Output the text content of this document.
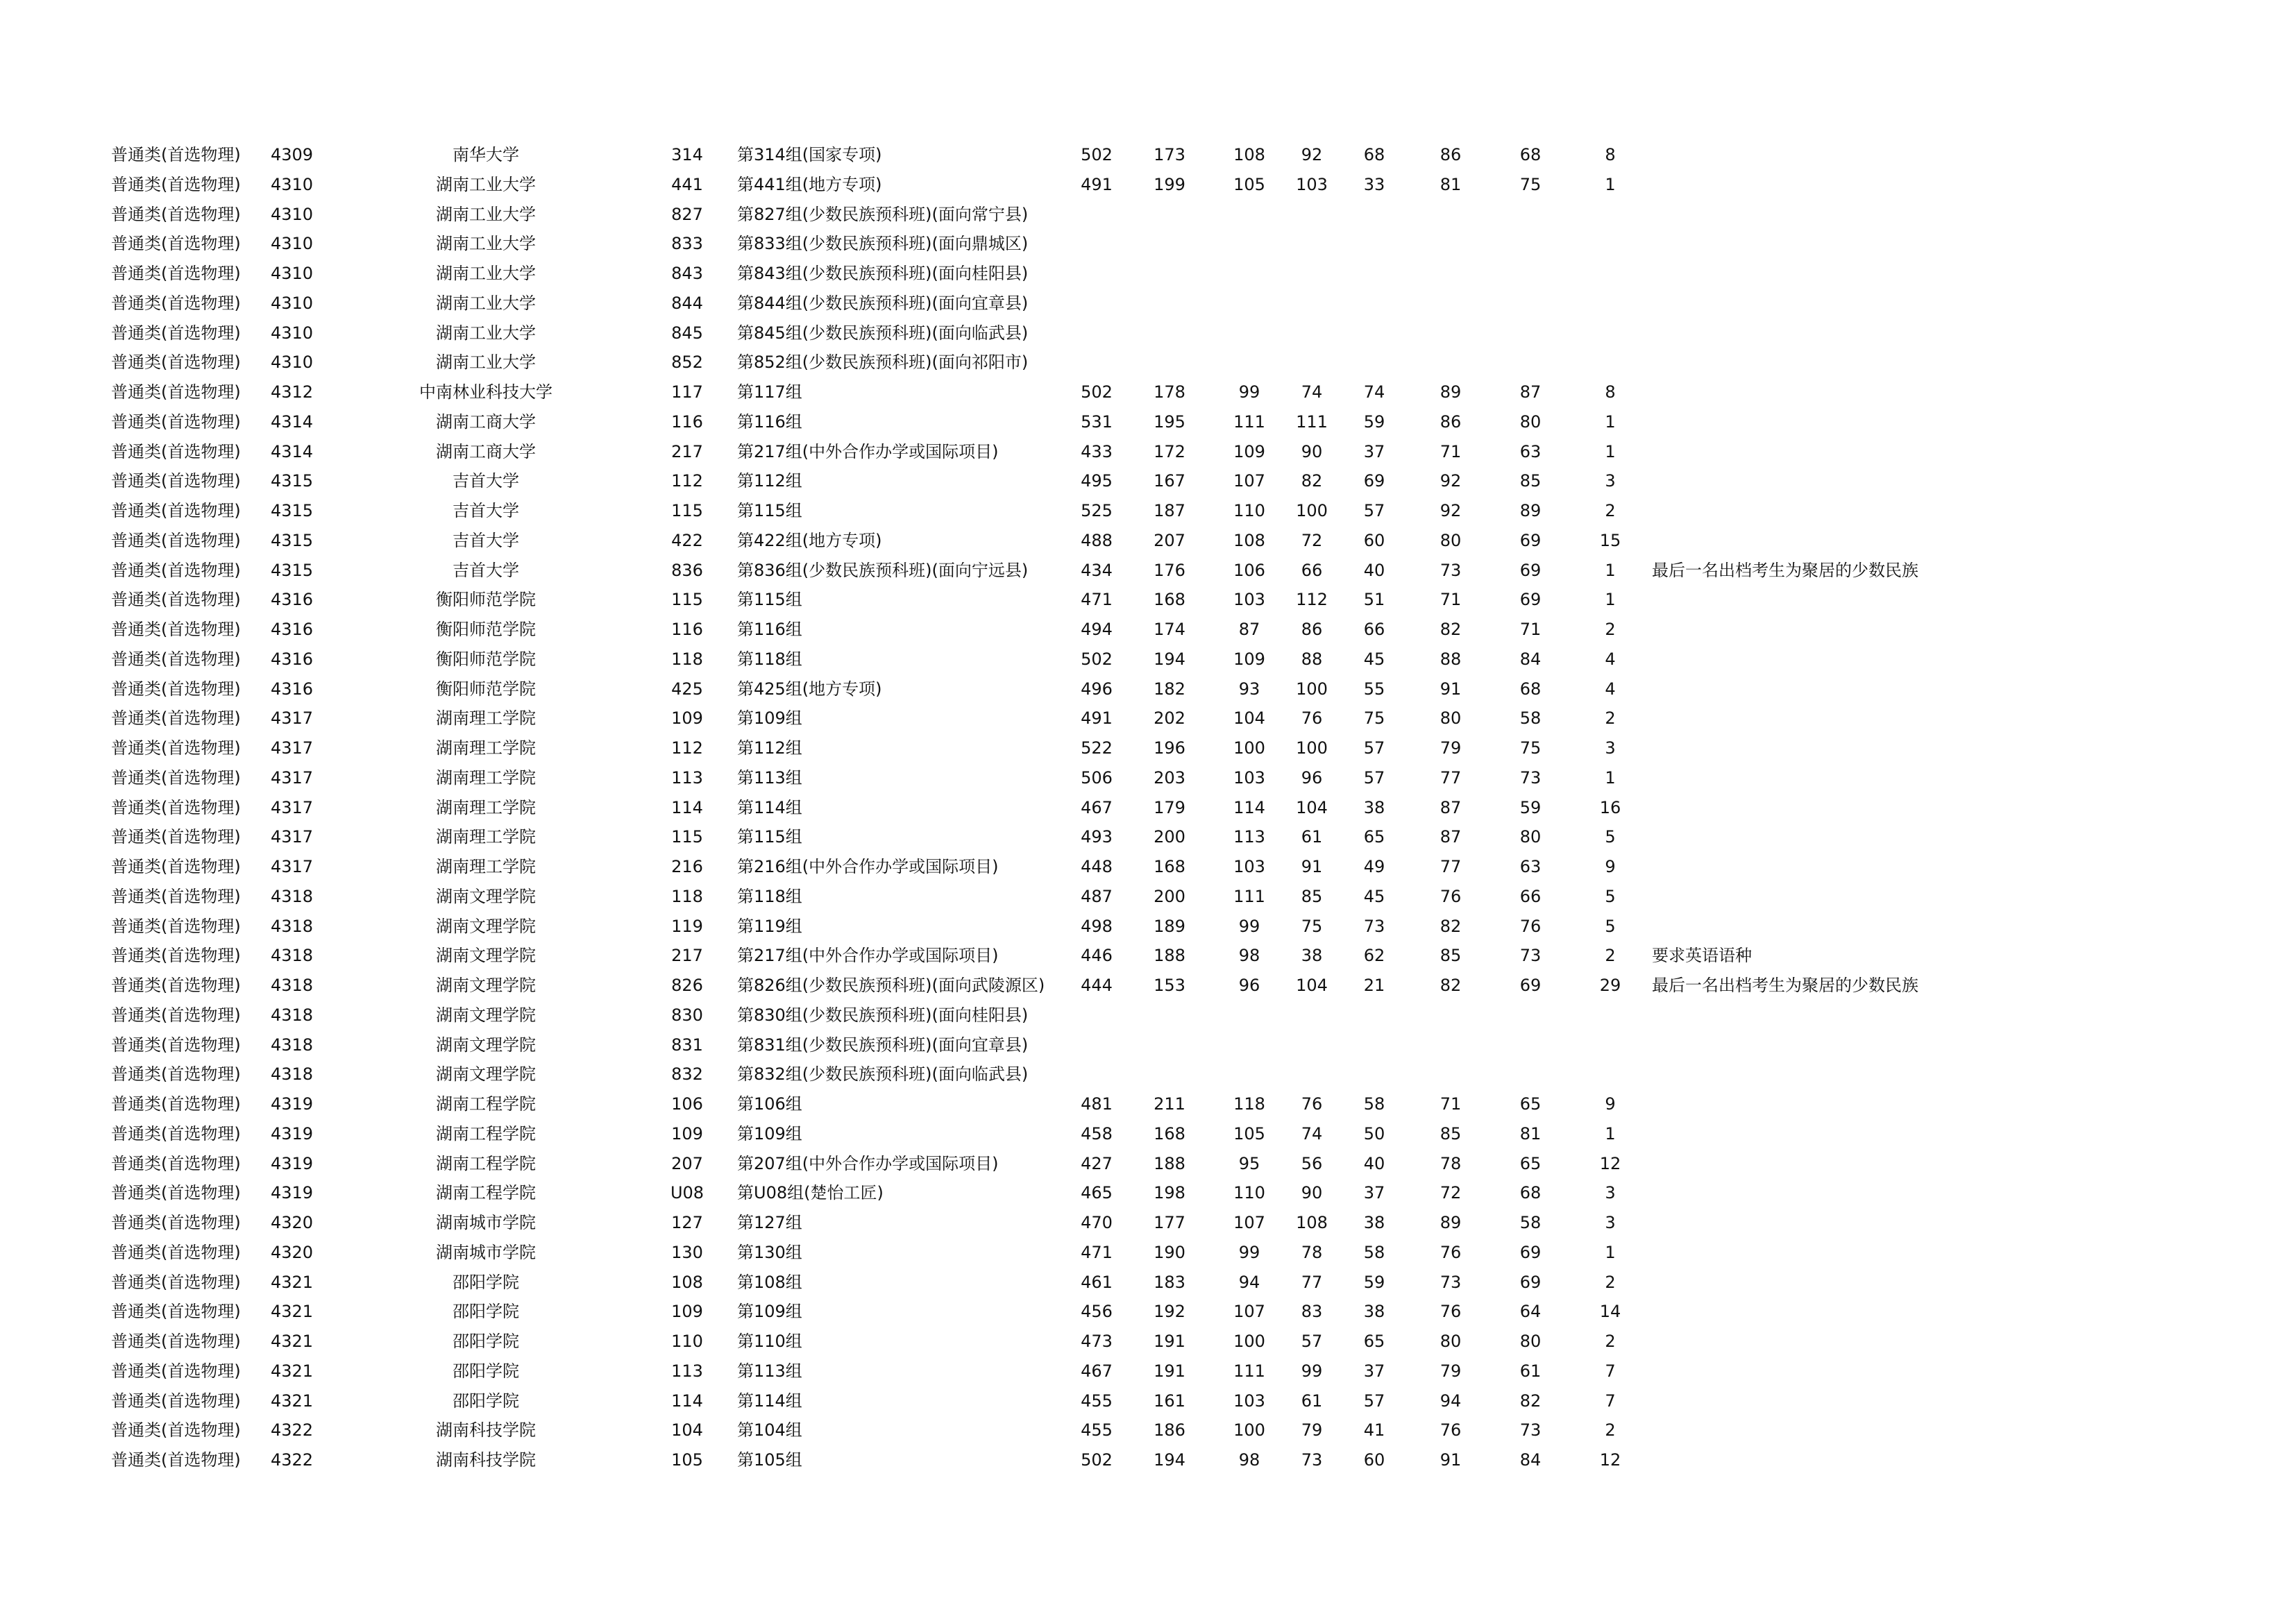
普通类(首选物理)	4309	南华大学	314	第314组(国家专项)	502	173	108	92	68	86	68	8
普通类(首选物理)	4310	湖南工业大学	441	第441组(地方专项)	491	199	105	103	33	81	75	1
普通类(首选物理)	4310	湖南工业大学	827	第827组(少数民族预科班)(面向常宁县)
普通类(首选物理)	4310	湖南工业大学	833	第833组(少数民族预科班)(面向鼎城区)
普通类(首选物理)	4310	湖南工业大学	843	第843组(少数民族预科班)(面向桂阳县)
普通类(首选物理)	4310	湖南工业大学	844	第844组(少数民族预科班)(面向宜章县)
普通类(首选物理)	4310	湖南工业大学	845	第845组(少数民族预科班)(面向临武县)
普通类(首选物理)	4310	湖南工业大学	852	第852组(少数民族预科班)(面向祁阳市)
普通类(首选物理)	4312	中南林业科技大学	117	第117组	502	178	99	74	74	89	87	8
普通类(首选物理)	4314	湖南工商大学	116	第116组	531	195	111	111	59	86	80	1
普通类(首选物理)	4314	湖南工商大学	217	第217组(中外合作办学或国际项目)	433	172	109	90	37	71	63	1
普通类(首选物理)	4315	吉首大学	112	第112组	495	167	107	82	69	92	85	3
普通类(首选物理)	4315	吉首大学	115	第115组	525	187	110	100	57	92	89	2
普通类(首选物理)	4315	吉首大学	422	第422组(地方专项)	488	207	108	72	60	80	69	15
普通类(首选物理)	4315	吉首大学	836	第836组(少数民族预科班)(面向宁远县)	434	176	106	66	40	73	69	1	最后一名出档考生为聚居的少数民族
普通类(首选物理)	4316	衡阳师范学院	115	第115组	471	168	103	112	51	71	69	1
普通类(首选物理)	4316	衡阳师范学院	116	第116组	494	174	87	86	66	82	71	2
普通类(首选物理)	4316	衡阳师范学院	118	第118组	502	194	109	88	45	88	84	4
普通类(首选物理)	4316	衡阳师范学院	425	第425组(地方专项)	496	182	93	100	55	91	68	4
普通类(首选物理)	4317	湖南理工学院	109	第109组	491	202	104	76	75	80	58	2
普通类(首选物理)	4317	湖南理工学院	112	第112组	522	196	100	100	57	79	75	3
普通类(首选物理)	4317	湖南理工学院	113	第113组	506	203	103	96	57	77	73	1
普通类(首选物理)	4317	湖南理工学院	114	第114组	467	179	114	104	38	87	59	16
普通类(首选物理)	4317	湖南理工学院	115	第115组	493	200	113	61	65	87	80	5
普通类(首选物理)	4317	湖南理工学院	216	第216组(中外合作办学或国际项目)	448	168	103	91	49	77	63	9
普通类(首选物理)	4318	湖南文理学院	118	第118组	487	200	111	85	45	76	66	5
普通类(首选物理)	4318	湖南文理学院	119	第119组	498	189	99	75	73	82	76	5
普通类(首选物理)	4318	湖南文理学院	217	第217组(中外合作办学或国际项目)	446	188	98	38	62	85	73	2	要求英语语种
普通类(首选物理)	4318	湖南文理学院	826	第826组(少数民族预科班)(面向武陵源区)	444	153	96	104	21	82	69	29	最后一名出档考生为聚居的少数民族
普通类(首选物理)	4318	湖南文理学院	830	第830组(少数民族预科班)(面向桂阳县)
普通类(首选物理)	4318	湖南文理学院	831	第831组(少数民族预科班)(面向宜章县)
普通类(首选物理)	4318	湖南文理学院	832	第832组(少数民族预科班)(面向临武县)
普通类(首选物理)	4319	湖南工程学院	106	第106组	481	211	118	76	58	71	65	9
普通类(首选物理)	4319	湖南工程学院	109	第109组	458	168	105	74	50	85	81	1
普通类(首选物理)	4319	湖南工程学院	207	第207组(中外合作办学或国际项目)	427	188	95	56	40	78	65	12
普通类(首选物理)	4319	湖南工程学院	U08	第U08组(楚怡工匠)	465	198	110	90	37	72	68	3
普通类(首选物理)	4320	湖南城市学院	127	第127组	470	177	107	108	38	89	58	3
普通类(首选物理)	4320	湖南城市学院	130	第130组	471	190	99	78	58	76	69	1
普通类(首选物理)	4321	邵阳学院	108	第108组	461	183	94	77	59	73	69	2
普通类(首选物理)	4321	邵阳学院	109	第109组	456	192	107	83	38	76	64	14
普通类(首选物理)	4321	邵阳学院	110	第110组	473	191	100	57	65	80	80	2
普通类(首选物理)	4321	邵阳学院	113	第113组	467	191	111	99	37	79	61	7
普通类(首选物理)	4321	邵阳学院	114	第114组	455	161	103	61	57	94	82	7
普通类(首选物理)	4322	湖南科技学院	104	第104组	455	186	100	79	41	76	73	2
普通类(首选物理)	4322	湖南科技学院	105	第105组	502	194	98	73	60	91	84	12
